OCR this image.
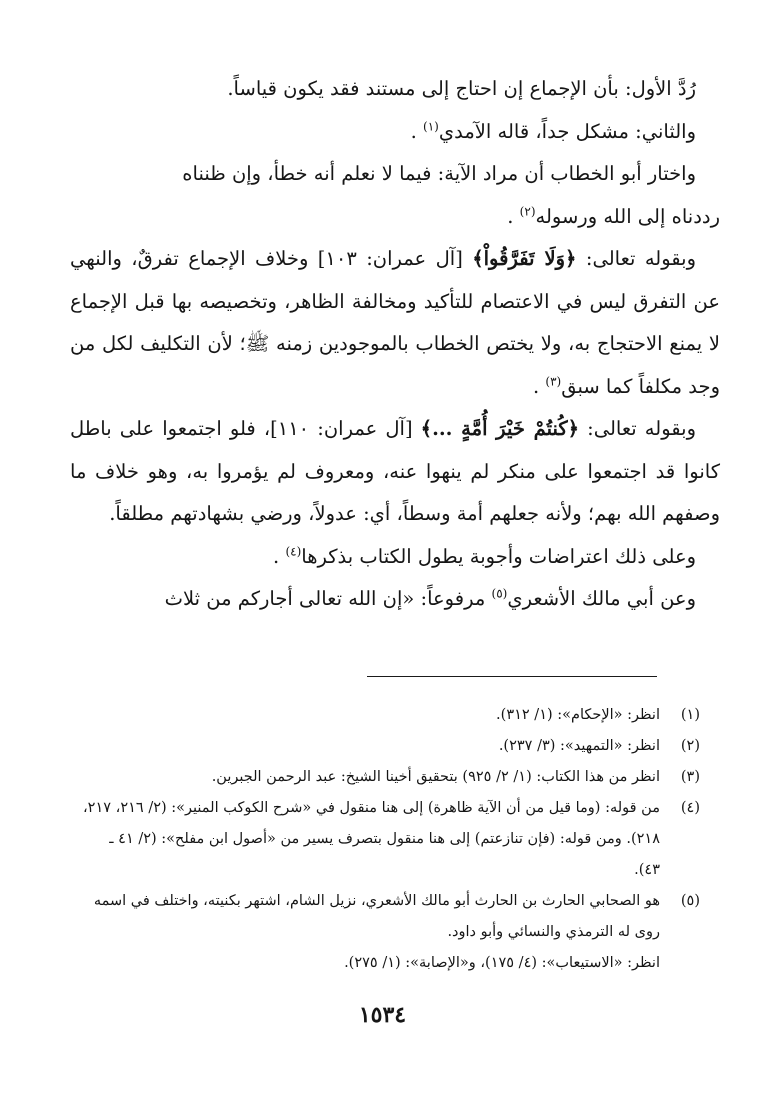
رُدَّ الأول: بأن الإجماع إن احتاج إلى مستند فقد يكون قياساً.

والثاني: مشكل جداً، قاله الآمدي$^{(١)}$ .

واختار أبو الخطاب أن مراد الآية: فيما لا نعلم أنه خطأ، وإن ظنناه
رددناه إلى الله ورسوله$^{(٢)}$ .

وبقوله تعالى: ﴿وَلَا تَفَرَّقُواْ﴾ [آل عمران: ١٠٣] وخلاف الإجماع تفرقٌ، والنهي عن التفرق ليس في الاعتصام للتأكيد ومخالفة الظاهر، وتخصيصه بها قبل الإجماع لا يمنع الاحتجاج به، ولا يختص الخطاب بالموجودين زمنه ﷺ؛ لأن التكليف لكل من وجد مكلفاً كما سبق$^{(٣)}$ .

وبقوله تعالى: ﴿كُنتُمْ خَيْرَ أُمَّةٍ ...﴾ [آل عمران: ١١٠]، فلو اجتمعوا على باطل كانوا قد اجتمعوا على منكر لم ينهوا عنه، ومعروف لم يؤمروا به، وهو خلاف ما وصفهم الله بهم؛ ولأنه جعلهم أمة وسطاً، أي: عدولاً، ورضي بشهادتهم مطلقاً.

وعلى ذلك اعتراضات وأجوبة يطول الكتاب بذكرها$^{(٤)}$ .

وعن أبي مالك الأشعري$^{(٥)}$ مرفوعاً: «إن الله تعالى أجاركم من ثلاث

(١)
انظر: «الإحكام»: (١/ ٣١٢).
(٢)
انظر: «التمهيد»: (٣/ ٢٣٧).
(٣)
انظر من هذا الكتاب: (١/ ٢/ ٩٢٥) بتحقيق أخينا الشيخ: عبد الرحمن الجبرين.
(٤)
من قوله: (وما قيل من أن الآية ظاهرة) إلى هنا منقول في «شرح الكوكب المنير»: (٢/ ٢١٦، ٢١٧، ٢١٨). ومن قوله: (فإن تنازعتم) إلى هنا منقول بتصرف يسير من «أصول ابن مفلح»: (٢/ ٤١ ـ ٤٣).
(٥)
هو الصحابي الحارث بن الحارث أبو مالك الأشعري، نزيل الشام، اشتهر بكنيته، واختلف في اسمه روى له الترمذي والنسائي وأبو داود.
انظر: «الاستيعاب»: (٤/ ١٧٥)، و«الإصابة»: (١/ ٢٧٥).
١٥٣٤
